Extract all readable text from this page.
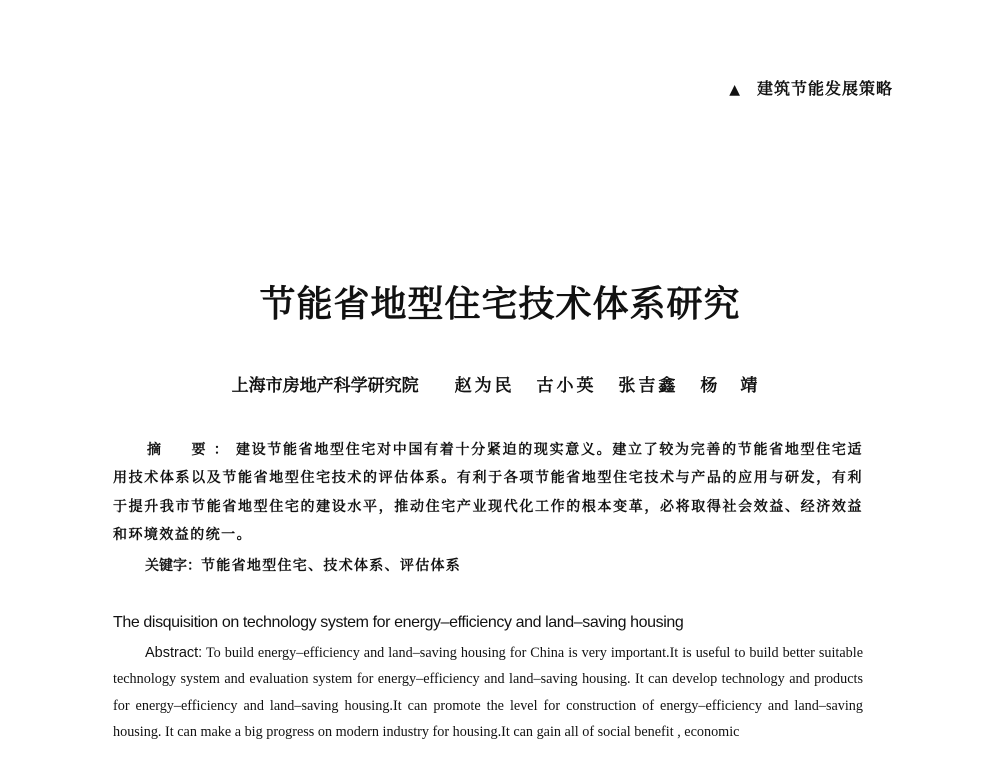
▲ 建筑节能发展策略
节能省地型住宅技术体系研究
上海市房地产科学研究院 赵为民 古小英 张吉鑫 杨　靖

摘　要：建设节能省地型住宅对中国有着十分紧迫的现实意义。建立了较为完善的节能省地型住宅适用技术体系以及节能省地型住宅技术的评估体系。有利于各项节能省地型住宅技术与产品的应用与研发，有利于提升我市节能省地型住宅的建设水平，推动住宅产业现代化工作的根本变革，必将取得社会效益、经济效益和环境效益的统一。

关键字：节能省地型住宅、技术体系、评估体系

The disquisition on technology system for energy–efficiency and land–saving housing

Abstract: To build energy–efficiency and land–saving housing for China is very important.It is useful to build better suitable technology system and evaluation system for energy–efficiency and land–saving housing. It can develop technology and products for energy–efficiency and land–saving housing.It can promote the level for construction of energy–efficiency and land–saving housing. It can make a big progress on modern industry for housing.It can gain all of social benefit , economic
